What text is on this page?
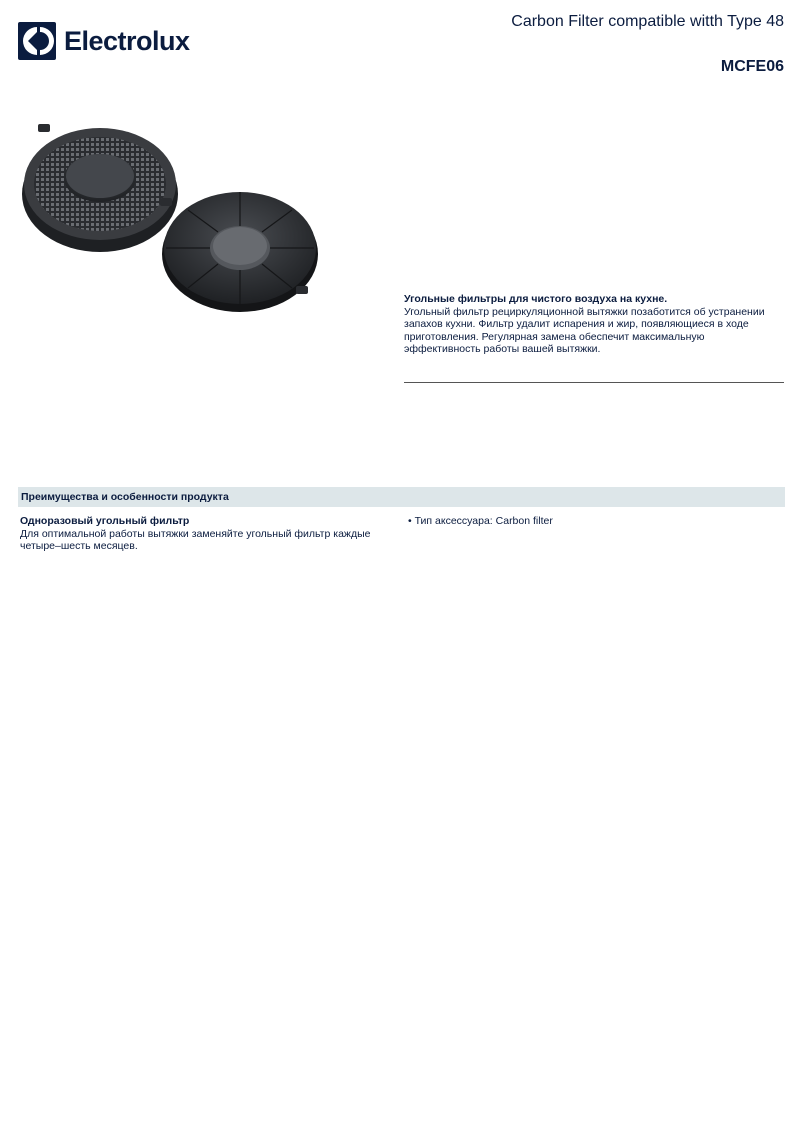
Electrolux
Carbon Filter compatible witth Type 48
MCFE06
Угольные фильтры для чистого воздуха на кухне.
Угольный фильтр рециркуляционной вытяжки позаботится об устранении запахов кухни. Фильтр удалит испарения и жир, появляющиеся в ходе приготовления. Регулярная замена обеспечит максимальную эффективность работы вашей вытяжки.
Преимущества и особенности продукта
Одноразовый угольный фильтр
Для оптимальной работы вытяжки заменяйте угольный фильтр каждые четыре–шесть месяцев.
• Тип аксессуара: Carbon filter
